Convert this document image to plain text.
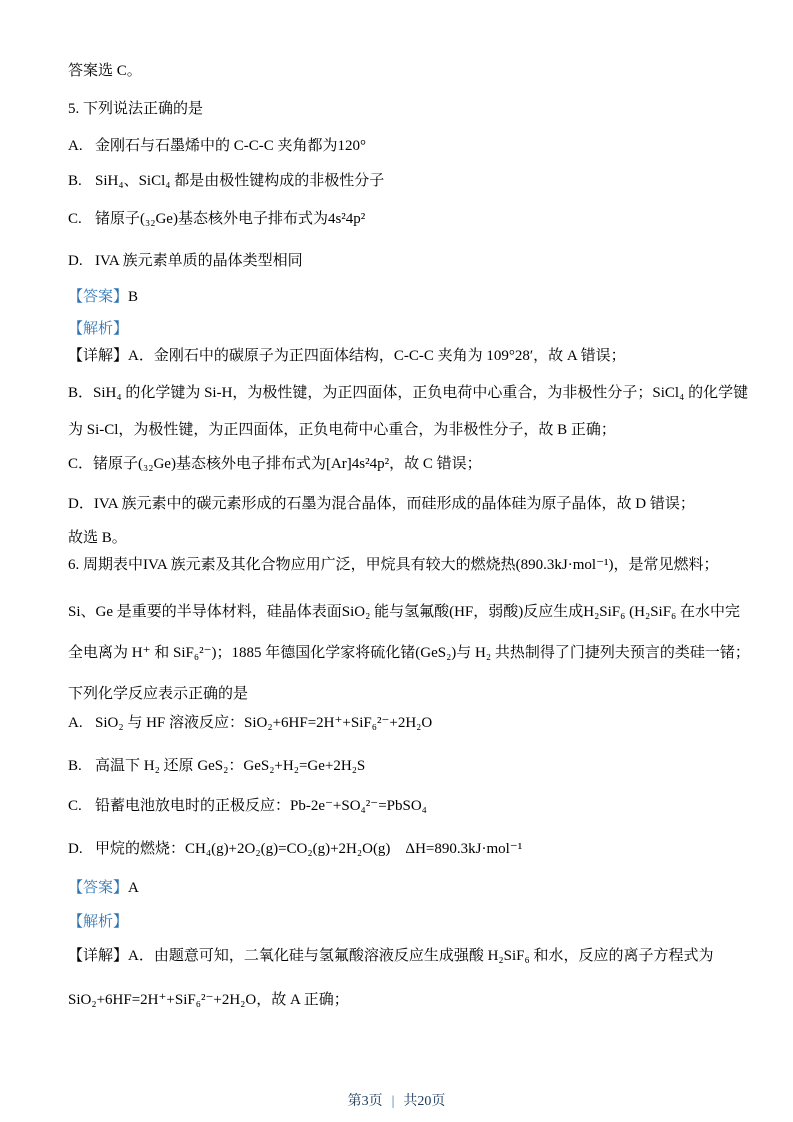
答案选 C。
5. 下列说法正确的是
A. 金刚石与石墨烯中的 C-C-C 夹角都为120°
B. SiH₄、SiCl₄ 都是由极性键构成的非极性分子
C. 锗原子(₃₂Ge)基态核外电子排布式为4s²4p²
D. IVA 族元素单质的晶体类型相同
【答案】B
【解析】
【详解】A．金刚石中的碳原子为正四面体结构，C-C-C 夹角为 109°28′，故 A 错误；
B．SiH₄ 的化学键为 Si-H，为极性键，为正四面体，正负电荷中心重合，为非极性分子；SiCl₄ 的化学键
为 Si-Cl，为极性键，为正四面体，正负电荷中心重合，为非极性分子，故 B 正确；
C．锗原子(₃₂Ge)基态核外电子排布式为[Ar]4s²4p²，故 C 错误；
D．IVA 族元素中的碳元素形成的石墨为混合晶体，而硅形成的晶体硅为原子晶体，故 D 错误；
故选 B。
6. 周期表中IVA 族元素及其化合物应用广泛，甲烷具有较大的燃烧热(890.3kJ·mol⁻¹)，是常见燃料；
Si、Ge 是重要的半导体材料，硅晶体表面SiO₂ 能与氢氟酸(HF，弱酸)反应生成H₂SiF₆ (H₂SiF₆ 在水中完
全电离为 H⁺ 和 SiF₆²⁻)；1885 年德国化学家将硫化锗(GeS₂)与 H₂ 共热制得了门捷列夫预言的类硅一锗；
下列化学反应表示正确的是
A. SiO₂ 与 HF 溶液反应：SiO₂+6HF=2H⁺+SiF₆²⁻+2H₂O
B. 高温下 H₂ 还原 GeS₂：GeS₂+H₂=Ge+2H₂S
C. 铅蓄电池放电时的正极反应：Pb-2e⁻+SO₄²⁻=PbSO₄
D. 甲烷的燃烧：CH₄(g)+2O₂(g)=CO₂(g)+2H₂O(g)　ΔH=890.3kJ·mol⁻¹
【答案】A
【解析】
【详解】A．由题意可知，二氧化硅与氢氟酸溶液反应生成强酸 H₂SiF₆ 和水，反应的离子方程式为
SiO₂+6HF=2H⁺+SiF₆²⁻+2H₂O，故 A 正确；
第3页 | 共20页
